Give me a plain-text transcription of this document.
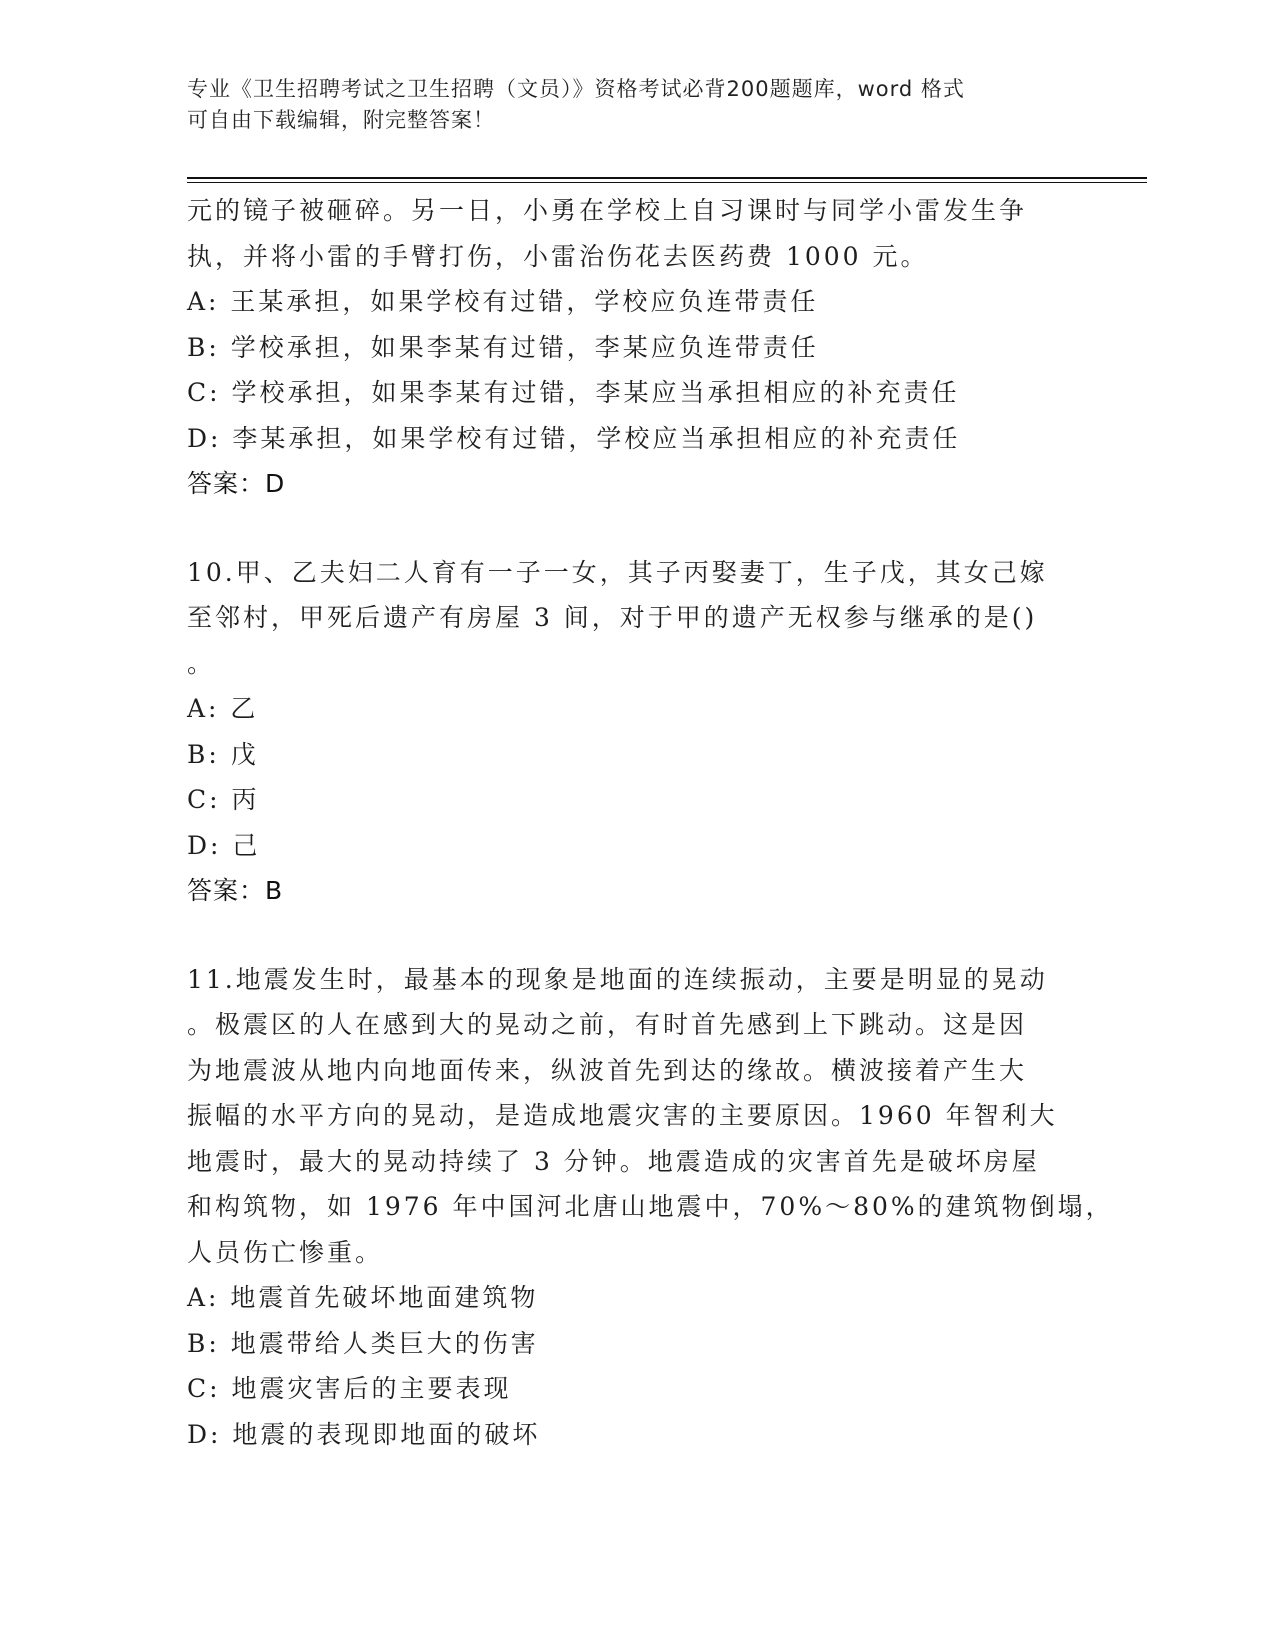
专业《卫生招聘考试之卫生招聘（文员）》资格考试必背200题题库，word 格式
可自由下载编辑，附完整答案！
元的镜子被砸碎。另一日，小勇在学校上自习课时与同学小雷发生争
执，并将小雷的手臂打伤，小雷治伤花去医药费 1000 元。
A: 王某承担，如果学校有过错，学校应负连带责任
B: 学校承担，如果李某有过错，李某应负连带责任
C: 学校承担，如果李某有过错，李某应当承担相应的补充责任
D: 李某承担，如果学校有过错，学校应当承担相应的补充责任
答案：D
10.甲、乙夫妇二人育有一子一女，其子丙娶妻丁，生子戊，其女己嫁
至邻村，甲死后遗产有房屋 3 间，对于甲的遗产无权参与继承的是()
。
A: 乙
B: 戊
C: 丙
D: 己
答案：B
11.地震发生时，最基本的现象是地面的连续振动，主要是明显的晃动
。极震区的人在感到大的晃动之前，有时首先感到上下跳动。这是因
为地震波从地内向地面传来，纵波首先到达的缘故。横波接着产生大
振幅的水平方向的晃动，是造成地震灾害的主要原因。1960 年智利大
地震时，最大的晃动持续了 3 分钟。地震造成的灾害首先是破坏房屋
和构筑物，如 1976 年中国河北唐山地震中，70%～80%的建筑物倒塌，
人员伤亡惨重。
A: 地震首先破坏地面建筑物
B: 地震带给人类巨大的伤害
C: 地震灾害后的主要表现
D: 地震的表现即地面的破坏
